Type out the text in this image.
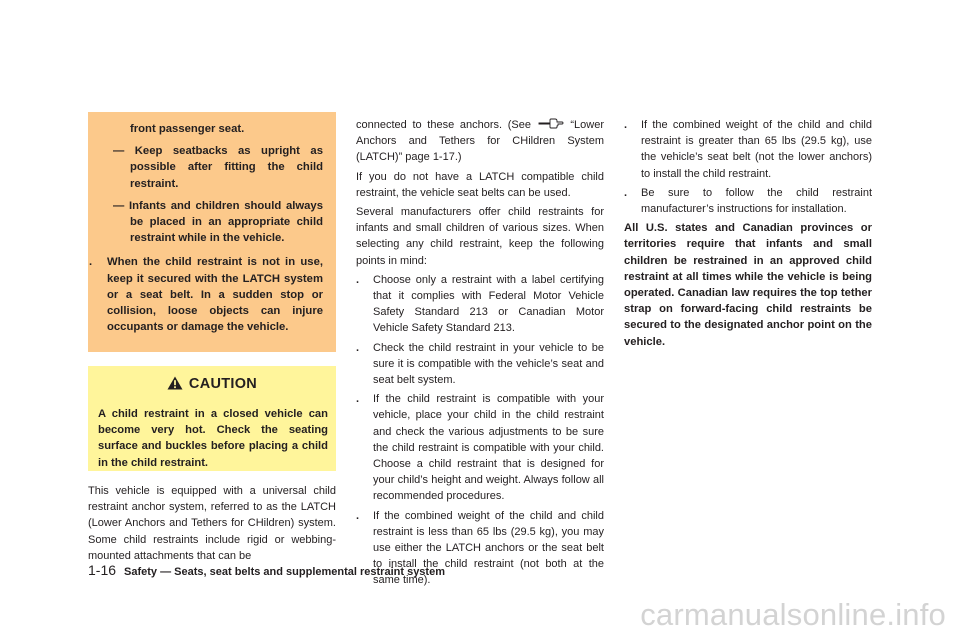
front passenger seat.
— Keep seatbacks as upright as possible after fitting the child restraint.
— Infants and children should always be placed in an appropriate child restraint while in the vehicle.
. When the child restraint is not in use, keep it secured with the LATCH system or a seat belt. In a sudden stop or collision, loose objects can injure occupants or damage the vehicle.
CAUTION
A child restraint in a closed vehicle can become very hot. Check the seating surface and buckles before placing a child in the child restraint.

This vehicle is equipped with a universal child restraint anchor system, referred to as the LATCH (Lower Anchors and Tethers for CHildren) system. Some child restraints include rigid or webbing-mounted attachments that can be

connected to these anchors. (See	“Lower Anchors and Tethers for CHildren System (LATCH)” page 1-17.)

If you do not have a LATCH compatible child restraint, the vehicle seat belts can be used.

Several manufacturers offer child restraints for infants and small children of various sizes. When selecting any child restraint, keep the following points in mind:

. Choose only a restraint with a label certifying that it complies with Federal Motor Vehicle Safety Standard 213 or Canadian Motor Vehicle Safety Standard 213.
. Check the child restraint in your vehicle to be sure it is compatible with the vehicle’s seat and seat belt system.
. If the child restraint is compatible with your vehicle, place your child in the child restraint and check the various adjustments to be sure the child restraint is compatible with your child. Choose a child restraint that is designed for your child’s height and weight. Always follow all recommended procedures.
. If the combined weight of the child and child restraint is less than 65 lbs (29.5 kg), you may use either the LATCH anchors or the seat belt to install the child restraint (not both at the same time).
. If the combined weight of the child and child restraint is greater than 65 lbs (29.5 kg), use the vehicle’s seat belt (not the lower anchors) to install the child restraint.
. Be sure to follow the child restraint manufacturer’s instructions for installation.

All U.S. states and Canadian provinces or territories require that infants and small children be restrained in an approved child restraint at all times while the vehicle is being operated. Canadian law requires the top tether strap on forward-facing child restraints be secured to the designated anchor point on the vehicle.

1-16 Safety — Seats, seat belts and supplemental restraint system
carmanualsonline.info
